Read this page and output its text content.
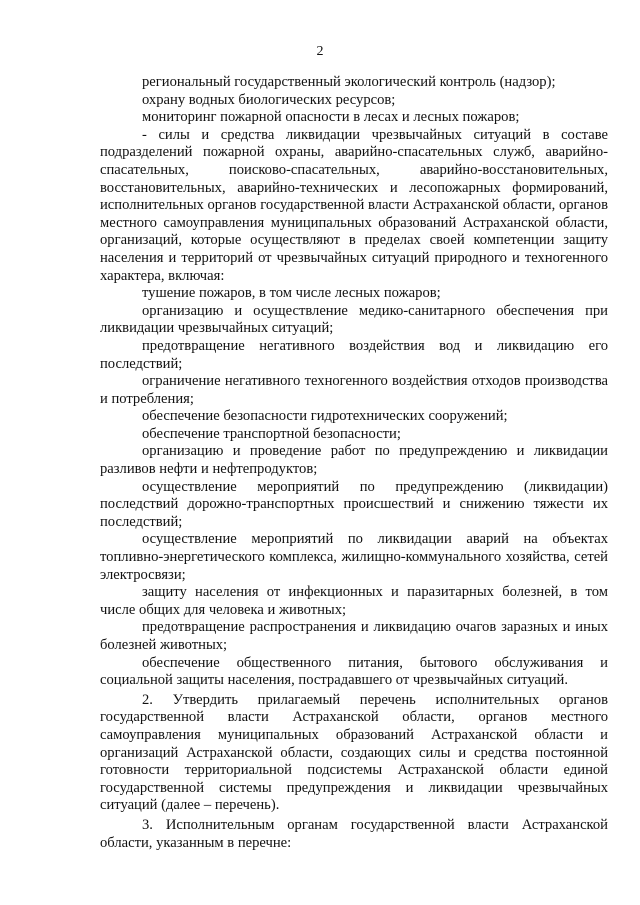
2

региональный государственный экологический контроль (надзор);

охрану водных биологических ресурсов;

мониторинг пожарной опасности в лесах и лесных пожаров;

- силы и средства ликвидации чрезвычайных ситуаций в составе подразделений пожарной охраны, аварийно-спасательных служб, аварийно-спасательных, поисково-спасательных, аварийно-восстановительных, восстановительных, аварийно-технических и лесопожарных формирований, исполнительных органов государственной власти Астраханской области, органов местного самоуправления муниципальных образований Астраханской области, организаций, которые осуществляют в пределах своей компетенции защиту населения и территорий от чрезвычайных ситуаций природного и техногенного характера, включая:

тушение пожаров, в том числе лесных пожаров;

организацию и осуществление медико-санитарного обеспечения при ликвидации чрезвычайных ситуаций;

предотвращение негативного воздействия вод и ликвидацию его последствий;

ограничение негативного техногенного воздействия отходов производства и потребления;

обеспечение безопасности гидротехнических сооружений;

обеспечение транспортной безопасности;

организацию и проведение работ по предупреждению и ликвидации разливов нефти и нефтепродуктов;

осуществление мероприятий по предупреждению (ликвидации) последствий дорожно-транспортных происшествий и снижению тяжести их последствий;

осуществление мероприятий по ликвидации аварий на объектах топливно-энергетического комплекса, жилищно-коммунального хозяйства, сетей электросвязи;

защиту населения от инфекционных и паразитарных болезней, в том числе общих для человека и животных;

предотвращение распространения и ликвидацию очагов заразных и иных болезней животных;

обеспечение общественного питания, бытового обслуживания и социальной защиты населения, пострадавшего от чрезвычайных ситуаций.

2. Утвердить прилагаемый перечень исполнительных органов государственной власти Астраханской области, органов местного самоуправления муниципальных образований Астраханской области и организаций Астраханской области, создающих силы и средства постоянной готовности территориальной подсистемы Астраханской области единой государственной системы предупреждения и ликвидации чрезвычайных ситуаций (далее – перечень).

3. Исполнительным органам государственной власти Астраханской области, указанным в перечне:
